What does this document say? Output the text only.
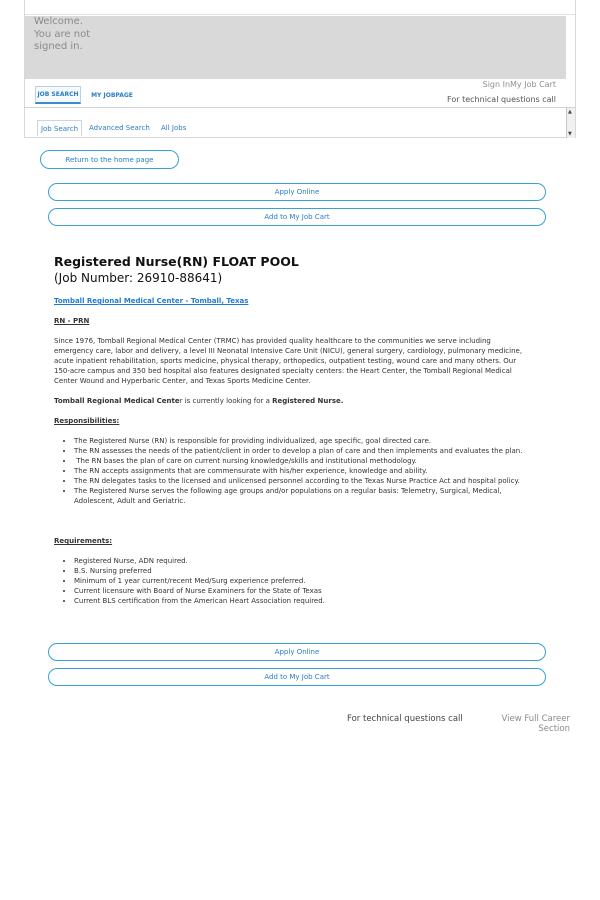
Welcome. You are not signed in.
Sign InMy Job Cart
For technical questions call
JOB SEARCH	MY JOBPAGE
▲
▼
Job Search	Advanced Search All Jobs
Return to the home page
Apply Online
Add to My Job Cart
Registered Nurse(RN) FLOAT POOL
(Job Number: 26910-88641)
Tomball Regional Medical Center - Tomball, Texas
RN - PRN

Since 1976, Tomball Regional Medical Center (TRMC) has provided quality healthcare to the communities we serve including emergency care, labor and delivery, a level III Neonatal Intensive Care Unit (NICU), general surgery, cardiology, pulmonary medicine, acute inpatient rehabilitation, sports medicine, physical therapy, orthopedics, outpatient testing, wound care and many others. Our 150-acre campus and 350 bed hospital also features designated specialty centers: the Heart Center, the Tomball Regional Medical Center Wound and Hyperbaric Center, and Texas Sports Medicine Center.

Tomball Regional Medical Center is currently looking for a Registered Nurse.

Responsibilities:
• The Registered Nurse (RN) is responsible for providing individualized, age specific, goal directed care.
• The RN assesses the needs of the patient/client in order to develop a plan of care and then implements and evaluates the plan.
•  The RN bases the plan of care on current nursing knowledge/skills and institutional methodology.
• The RN accepts assignments that are commensurate with his/her experience, knowledge and ability.
• The RN delegates tasks to the licensed and unlicensed personnel according to the Texas Nurse Practice Act and hospital policy.
• The Registered Nurse serves the following age groups and/or populations on a regular basis: Telemetry, Surgical, Medical, Adolescent, Adult and Geriatric.
Requirements:
• Registered Nurse, ADN required.
• B.S. Nursing preferred
• Minimum of 1 year current/recent Med/Surg experience preferred.
• Current licensure with Board of Nurse Examiners for the State of Texas
• Current BLS certification from the American Heart Association required.
Apply Online
Add to My Job Cart
For technical questions call	View Full Career Section
